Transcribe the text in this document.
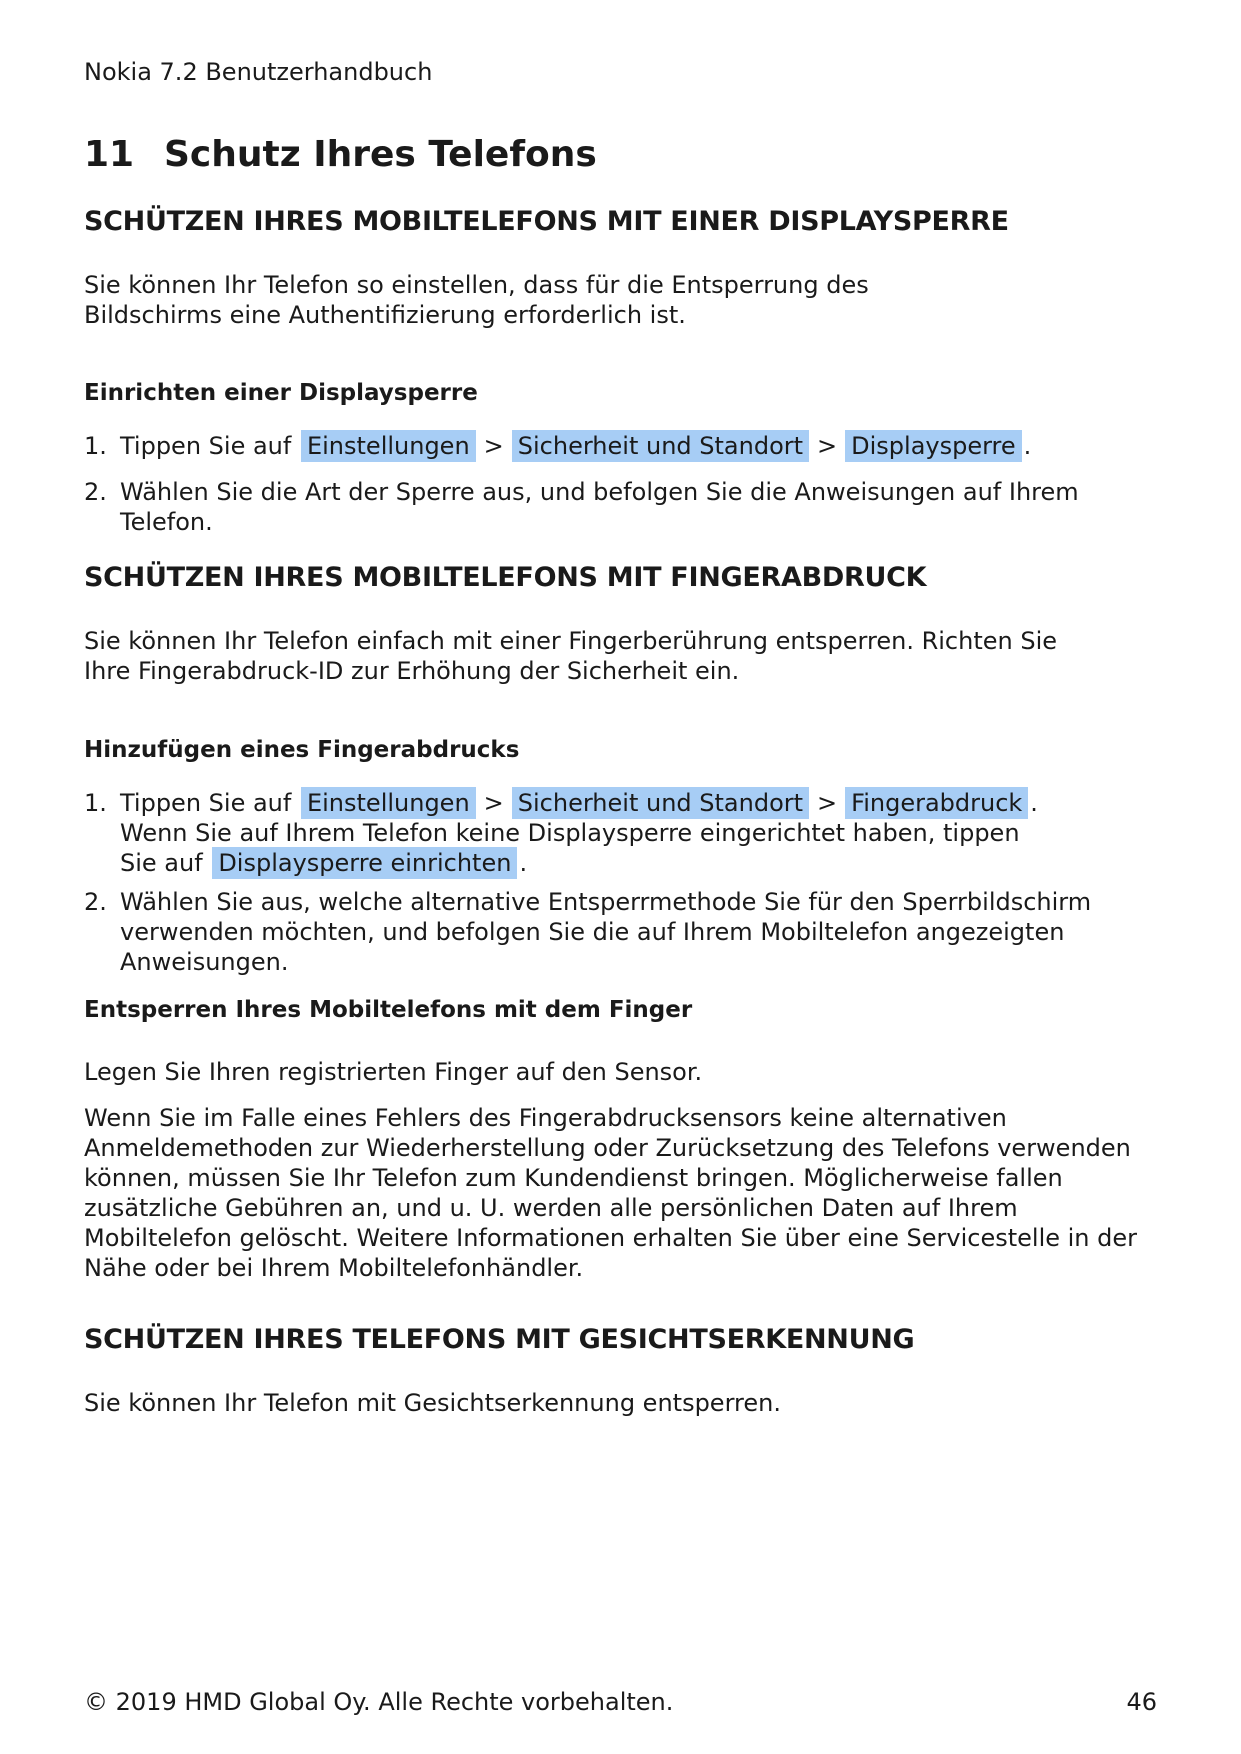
Nokia 7.2 Benutzerhandbuch
11 Schutz Ihres Telefons
SCHÜTZEN IHRES MOBILTELEFONS MIT EINER DISPLAYSPERRE

Sie können Ihr Telefon so einstellen, dass für die Entsperrung des Bildschirms eine Authentifizierung erforderlich ist.

Einrichten einer Displaysperre
1. Tippen Sie auf Einstellungen > Sicherheit und Standort > Displaysperre .
2. Wählen Sie die Art der Sperre aus, und befolgen Sie die Anweisungen auf Ihrem Telefon.
SCHÜTZEN IHRES MOBILTELEFONS MIT FINGERABDRUCK

Sie können Ihr Telefon einfach mit einer Fingerberührung entsperren. Richten Sie Ihre Fingerabdruck-ID zur Erhöhung der Sicherheit ein.

Hinzufügen eines Fingerabdrucks
1. Tippen Sie auf Einstellungen > Sicherheit und Standort > Fingerabdruck . Wenn Sie auf Ihrem Telefon keine Displaysperre eingerichtet haben, tippen Sie auf Displaysperre einrichten .
2. Wählen Sie aus, welche alternative Entsperrmethode Sie für den Sperrbildschirm verwenden möchten, und befolgen Sie die auf Ihrem Mobiltelefon angezeigten Anweisungen.
Entsperren Ihres Mobiltelefons mit dem Finger

Legen Sie Ihren registrierten Finger auf den Sensor.

Wenn Sie im Falle eines Fehlers des Fingerabdrucksensors keine alternativen Anmeldemethoden zur Wiederherstellung oder Zurücksetzung des Telefons verwenden können, müssen Sie Ihr Telefon zum Kundendienst bringen. Möglicherweise fallen zusätzliche Gebühren an, und u. U. werden alle persönlichen Daten auf Ihrem Mobiltelefon gelöscht. Weitere Informationen erhalten Sie über eine Servicestelle in der Nähe oder bei Ihrem Mobiltelefonhändler.

SCHÜTZEN IHRES TELEFONS MIT GESICHTSERKENNUNG

Sie können Ihr Telefon mit Gesichtserkennung entsperren.

© 2019 HMD Global Oy. Alle Rechte vorbehalten.	46
